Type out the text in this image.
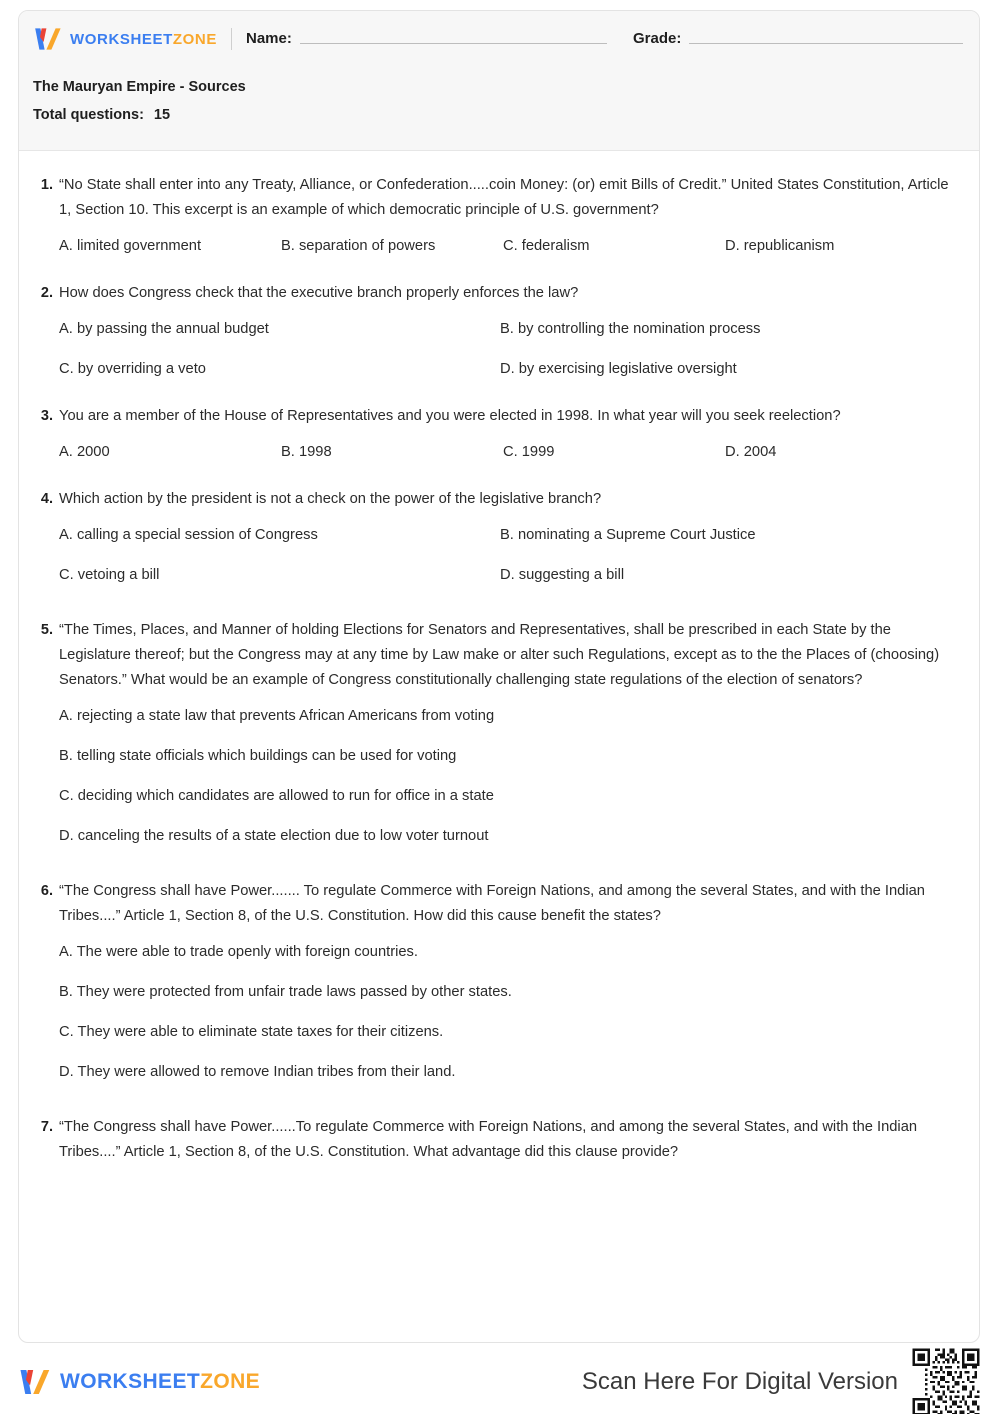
WORKSHEETZONE Name:	Grade:
The Mauryan Empire - Sources
Total questions: 15
1. “No State shall enter into any Treaty, Alliance, or Confederation.....coin Money: (or) emit Bills of Credit.” United States Constitution, Article 1, Section 10. This excerpt is an example of which democratic principle of U.S. government?
A. limited government	B. separation of powers	C. federalism	D. republicanism
2. How does Congress check that the executive branch properly enforces the law?
A. by passing the annual budget	B. by controlling the nomination process
C. by overriding a veto	D. by exercising legislative oversight
3. You are a member of the House of Representatives and you were elected in 1998. In what year will you seek reelection?
A. 2000	B. 1998	C. 1999	D. 2004
4. Which action by the president is not a check on the power of the legislative branch?
A. calling a special session of Congress	B. nominating a Supreme Court Justice
C. vetoing a bill	D. suggesting a bill
5. “The Times, Places, and Manner of holding Elections for Senators and Representatives, shall be prescribed in each State by the Legislature thereof; but the Congress may at any time by Law make or alter such Regulations, except as to the the Places of (choosing) Senators.” What would be an example of Congress constitutionally challenging state regulations of the election of senators?
A. rejecting a state law that prevents African Americans from voting
B. telling state officials which buildings can be used for voting
C. deciding which candidates are allowed to run for office in a state
D. canceling the results of a state election due to low voter turnout
6. “The Congress shall have Power....... To regulate Commerce with Foreign Nations, and among the several States, and with the Indian Tribes....” Article 1, Section 8, of the U.S. Constitution. How did this cause benefit the states?
A. The were able to trade openly with foreign countries.
B. They were protected from unfair trade laws passed by other states.
C. They were able to eliminate state taxes for their citizens.
D. They were allowed to remove Indian tribes from their land.
7. “The Congress shall have Power......To regulate Commerce with Foreign Nations, and among the several States, and with the Indian Tribes....” Article 1, Section 8, of the U.S. Constitution. What advantage did this clause provide?
WORKSHEETZONE	Scan Here For Digital Version
